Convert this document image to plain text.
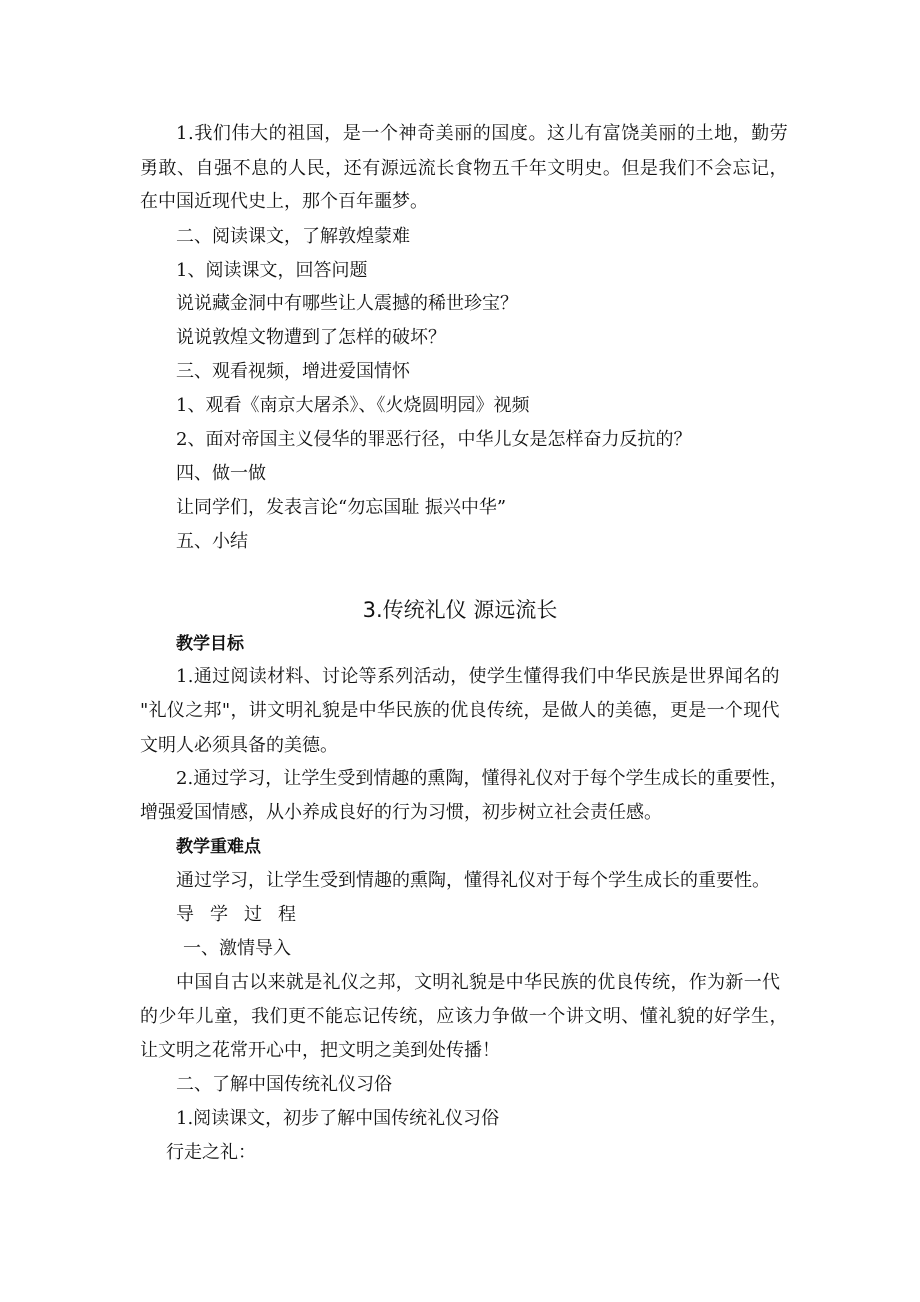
1 . 我 们 伟 大 的 祖 国 ， 是 一 个 神 奇 美 丽 的 国 度 。 这 儿 有 富 饶 美 丽 的 土 地 ， 勤 劳
勇 敢 、 自 强 不 息 的 人 民 ， 还 有 源 远 流 长 食 物 五 千 年 文 明 史 。 但 是 我 们 不 会 忘 记 ，
在中国近现代史上，那个百年噩梦。
二、阅读课文，了解敦煌蒙难
1、阅读课文，回答问题
说说藏金洞中有哪些让人震撼的稀世珍宝？
说说敦煌文物遭到了怎样的破坏？
三、观看视频，增进爱国情怀
1、观看《南京大屠杀》、《火烧圆明园》视频
2、面对帝国主义侵华的罪恶行径，中华儿女是怎样奋力反抗的？
四、做一做
让同学们，发表言论“勿忘国耻 振兴中华”
五、小结
3.传统礼仪 源远流长
教学目标
1 . 通 过 阅 读 材 料 、 讨 论 等 系 列 活 动 ， 使 学 生 懂 得 我 们 中 华 民 族 是 世 界 闻 名 的
" 礼 仪 之 邦 " ， 讲 文 明 礼 貌 是 中 华 民 族 的 优 良 传 统 ， 是 做 人 的 美 德 ， 更 是 一 个 现 代
文明人必须具备的美德。
2 . 通 过 学 习 ， 让 学 生 受 到 情 趣 的 熏 陶 ， 懂 得 礼 仪 对 于 每 个 学 生 成 长 的 重 要 性 ，
增强爱国情感，从小养成良好的行为习惯，初步树立社会责任感。
教学重难点
通过学习，让学生受到情趣的熏陶，懂得礼仪对于每个学生成长的重要性。
导学过程
一、激情导入
中 国 自 古 以 来 就 是 礼 仪 之 邦 ， 文 明 礼 貌 是 中 华 民 族 的 优 良 传 统 ， 作 为 新 一 代
的 少 年 儿 童 ， 我 们 更 不 能 忘 记 传 统 ， 应 该 力 争 做 一 个 讲 文 明 、 懂 礼 貌 的 好 学 生 ，
让文明之花常开心中，把文明之美到处传播！
二、了解中国传统礼仪习俗
1.阅读课文，初步了解中国传统礼仪习俗
行走之礼：
